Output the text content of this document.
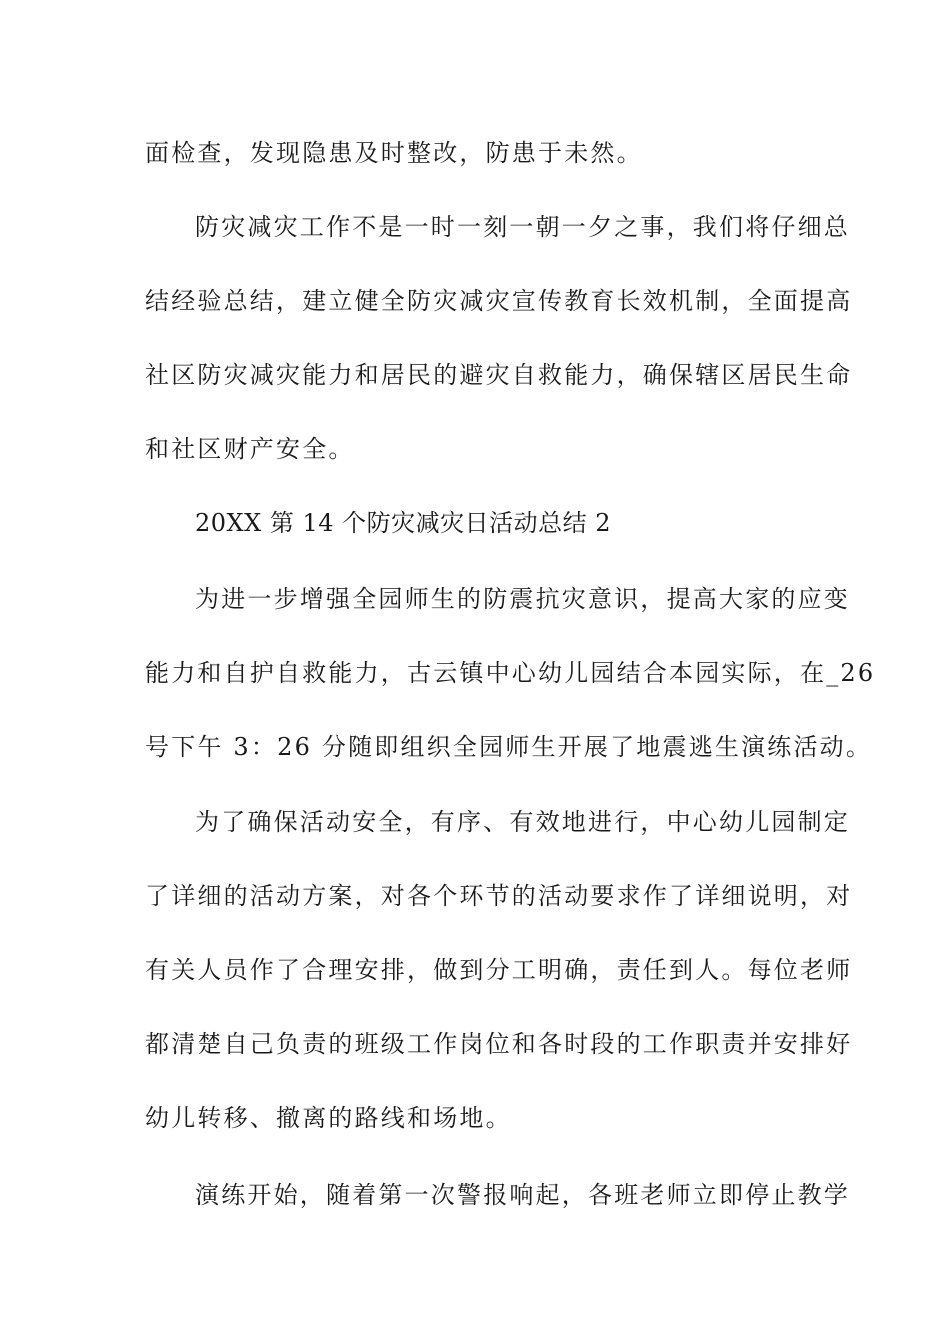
面检查，发现隐患及时整改，防患于未然。
防灾减灾工作不是一时一刻一朝一夕之事，我们将仔细总
结经验总结，建立健全防灾减灾宣传教育长效机制，全面提高
社区防灾减灾能力和居民的避灾自救能力，确保辖区居民生命
和社区财产安全。
20XX 第 14 个防灾减灾日活动总结 2
为进一步增强全园师生的防震抗灾意识，提高大家的应变
能力和自护自救能力，古云镇中心幼儿园结合本园实际，在_26
号下午 3：26 分随即组织全园师生开展了地震逃生演练活动。
为了确保活动安全，有序、有效地进行，中心幼儿园制定
了详细的活动方案，对各个环节的活动要求作了详细说明，对
有关人员作了合理安排，做到分工明确，责任到人。每位老师
都清楚自己负责的班级工作岗位和各时段的工作职责并安排好
幼儿转移、撤离的路线和场地。
演练开始，随着第一次警报响起，各班老师立即停止教学
